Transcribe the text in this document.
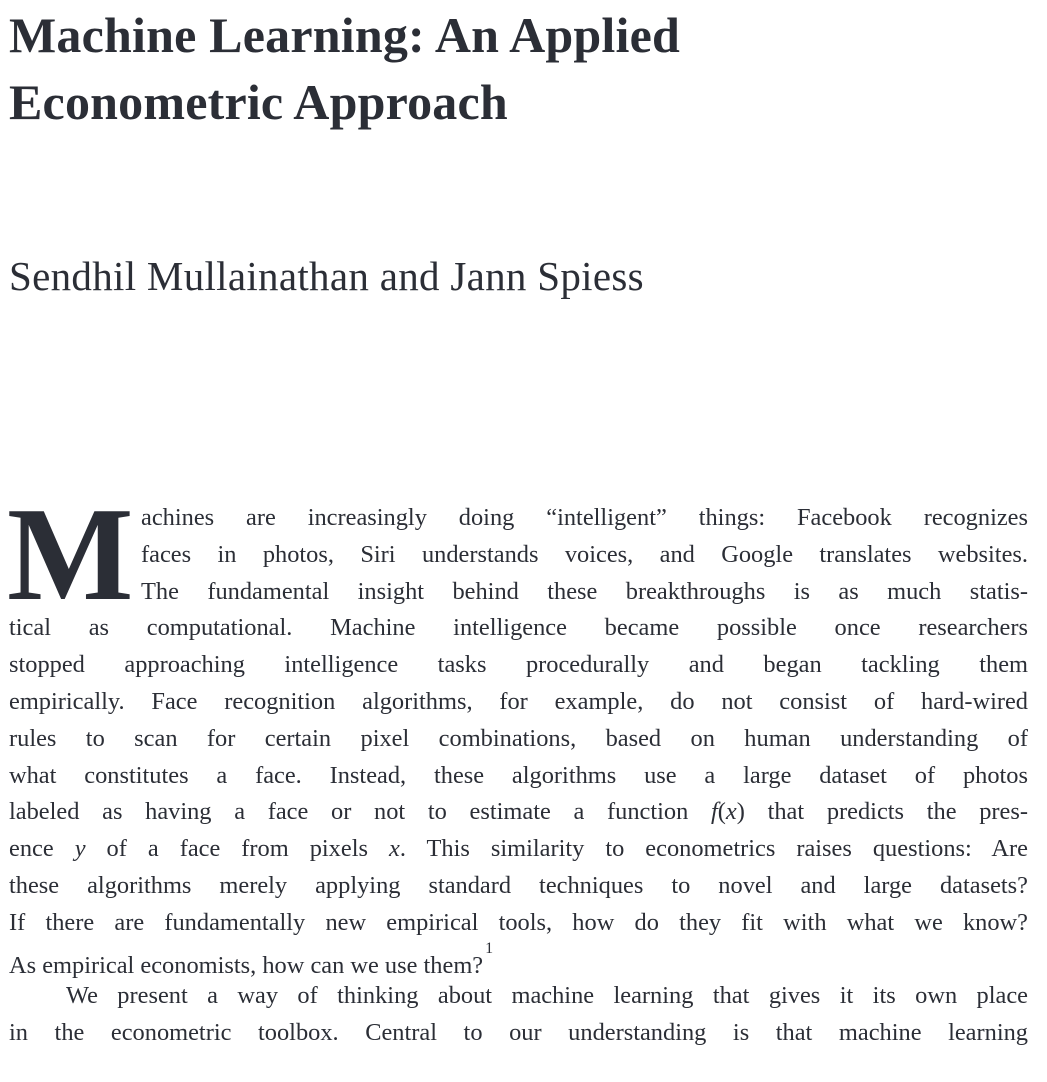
Machine Learning: An Applied
Econometric Approach
Sendhil Mullainathan and Jann Spiess
M achines are increasingly doing “intelligent” things: Facebook recognizes
faces in photos, Siri understands voices, and Google translates websites.
The fundamental insight behind these breakthroughs is as much statis-
tical as computational. Machine intelligence became possible once researchers
stopped approaching intelligence tasks procedurally and began tackling them
empirically. Face recognition algorithms, for example, do not consist of hard-wired
rules to scan for certain pixel combinations, based on human understanding of
what constitutes a face. Instead, these algorithms use a large dataset of photos
labeled as having a face or not to estimate a function f(x) that predicts the pres-
ence y of a face from pixels x. This similarity to econometrics raises questions: Are
these algorithms merely applying standard techniques to novel and large datasets?
If there are fundamentally new empirical tools, how do they fit with what we know?
As empirical economists, how can we use them?$^1$

We present a way of thinking about machine learning that gives it its own place
in the econometric toolbox. Central to our understanding is that machine learning
